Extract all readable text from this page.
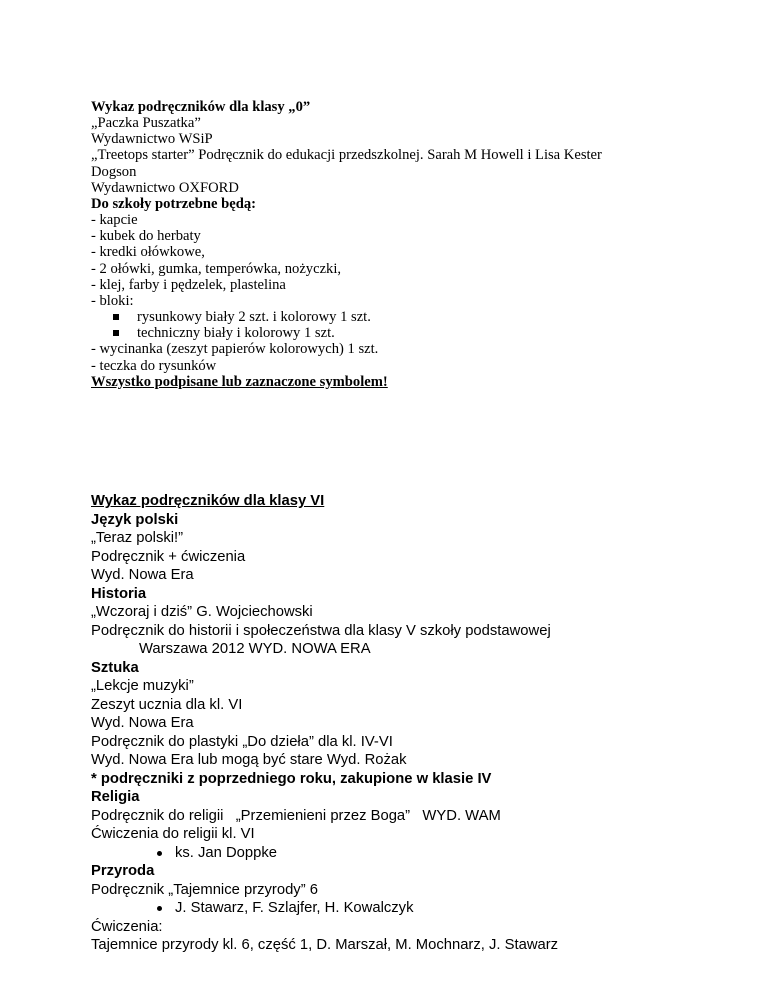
Wykaz podręczników dla klasy „0”
„Paczka Puszatka”
Wydawnictwo WSiP
„Treetops starter” Podręcznik do edukacji przedszkolnej. Sarah M Howell i Lisa Kester
Dogson
Wydawnictwo OXFORD
Do szkoły potrzebne będą:
- kapcie
- kubek do herbaty
- kredki ołówkowe,
- 2 ołówki, gumka, temperówka, nożyczki,
- klej, farby i pędzelek, plastelina
- bloki:
rysunkowy biały 2 szt. i kolorowy 1 szt.
techniczny biały i kolorowy 1 szt.
- wycinanka (zeszyt papierów kolorowych) 1 szt.
- teczka do rysunków
Wszystko podpisane lub zaznaczone symbolem!
Wykaz podręczników dla klasy VI
Język polski
„Teraz polski!”
Podręcznik + ćwiczenia
Wyd. Nowa Era
Historia
„Wczoraj i dziś” G. Wojciechowski
Podręcznik do historii i społeczeństwa dla klasy V szkoły podstawowej
Warszawa 2012 WYD. NOWA ERA
Sztuka
„Lekcje muzyki”
Zeszyt ucznia dla kl. VI
Wyd. Nowa Era
Podręcznik do plastyki „Do dzieła” dla kl. IV-VI
Wyd. Nowa Era lub mogą być stare Wyd. Rożak
* podręczniki z poprzedniego roku, zakupione w klasie IV
Religia
Podręcznik do religii   „Przemienieni przez Boga”   WYD. WAM
Ćwiczenia do religii kl. VI
ks. Jan Doppke
Przyroda
Podręcznik „Tajemnice przyrody” 6
J. Stawarz, F. Szlajfer, H. Kowalczyk
Ćwiczenia:
Tajemnice przyrody kl. 6, część 1, D. Marszał, M. Mochnarz, J. Stawarz
